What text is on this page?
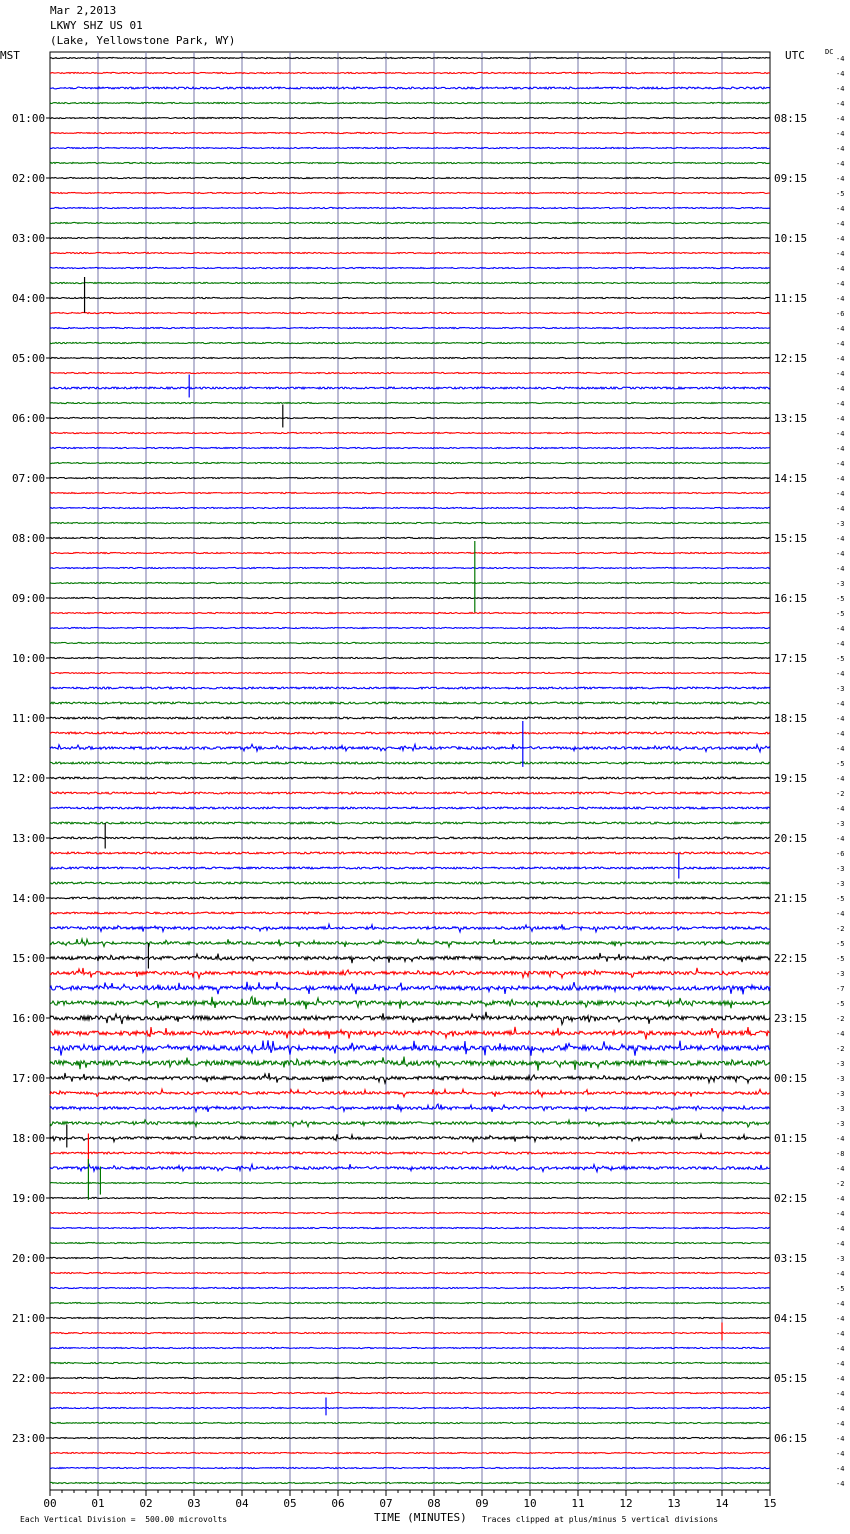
Mar 2,2013
LKWY SHZ US 01
(Lake, Yellowstone Park, WY)
MST	UTC	DC
-4
-4
-4
-4
-4
-4
-4
-4
-4
-5
-4
-4
-4
-4
-4
-4
-4
-6
-4
-4
-4
-4
-4
-4
-4
-4
-4
-4
-4
-4
-4
-3
-4
-4
-4
-3
-5
-5
-4
-4
-5
-4
-3
-4
-4
-4
-4
-5
-4
-2
-4
-3
-4
-6
-3
-3
-5
-4
-2
-5
-5
-3
-7
-5
-2
-4
-2
-3
-3
-3
-3
-3
-4
-8
-4
-2
-4
-4
-4
-4
-3
-4
-5
-4
-4
-4
-4
-4
-4
-4
-4
-4
-4
-4
-4
-4
01:00	08:15
02:00	09:15
03:00	10:15
04:00	11:15
05:00	12:15
06:00	13:15
07:00	14:15
08:00	15:15
09:00	16:15
10:00	17:15
11:00	18:15
12:00	19:15
13:00	20:15
14:00	21:15
15:00	22:15
16:00	23:15
17:00	00:15
18:00	01:15
19:00	02:15
20:00	03:15
21:00	04:15
22:00	05:15
23:00	06:15
00	01	02	03	04	05	06	07	08	09	10	11	12	13	14	15
Each Vertical Division =  500.00 microvolts	TIME (MINUTES) Traces clipped at plus/minus 5 vertical divisions
